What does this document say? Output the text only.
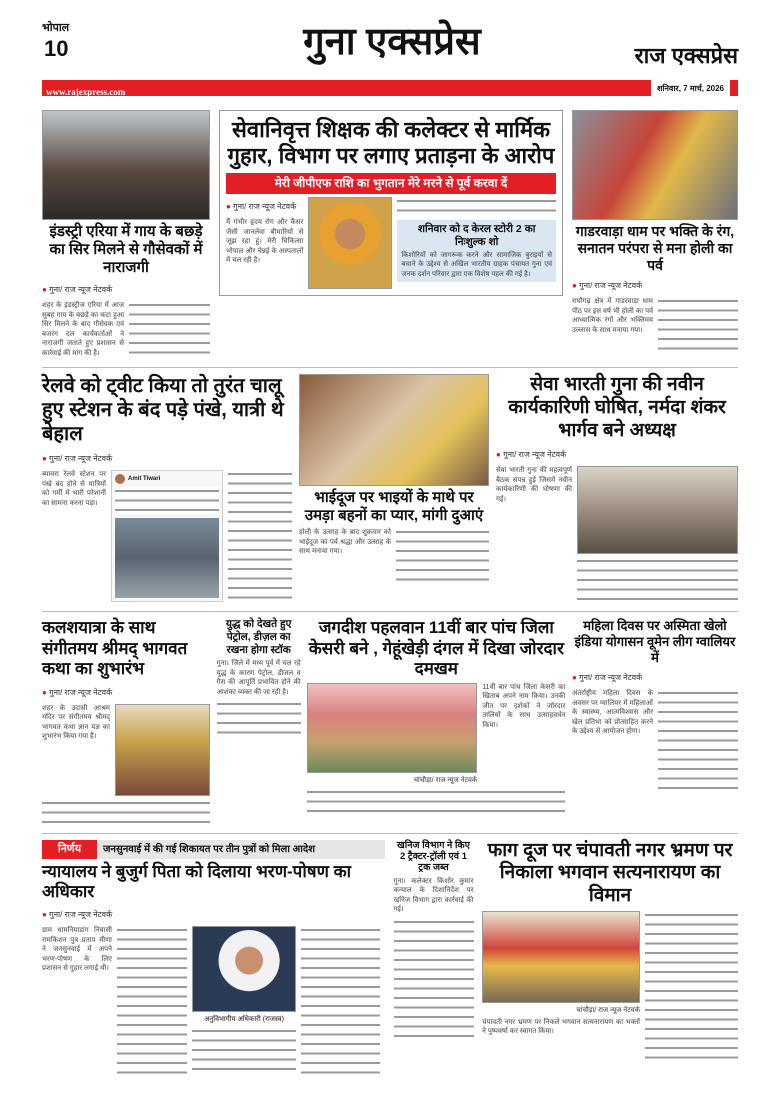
भोपाल
10	गुना एक्सप्रेस	राज एक्सप्रेस
www.rajexpress.com	शनिवार, 7 मार्च, 2026
इंडस्ट्री एरिया में गाय के बछड़े का सिर मिलने से गौसेवकों में नाराजगी
● गुना/ राज न्यूज नेटवर्क
शहर के इंडस्ट्रीज एरिया में आज सुबह गाय के बछड़े का कटा हुआ सिर मिलने के बाद गौसेवक एवं बजरंग दल कार्यकर्ताओं ने नाराजगी जताते हुए प्रशासन से कार्रवाई की मांग की है।
सेवानिवृत्त शिक्षक की कलेक्टर से मार्मिक गुहार, विभाग पर लगाए प्रताड़ना के आरोप
मेरी जीपीएफ राशि का भुगतान मेरे मरने से पूर्व करवा दें
● गुना/ राज न्यूज नेटवर्क
मैं गंभीर हृदय रोग और कैंसर जैसी जानलेवा बीमारियों से जूझ रहा हूं। मेरी चिकित्सा भोपाल और चेन्नई के अस्पतालों में चल रही है।
शनिवार को द केरल स्टोरी 2 का निःशुल्क शो
किशोरियों को जागरूक करने और सामाजिक बुराइयों से बचाने के उद्देश्य से अखिल भारतीय ग्राहक पंचायत गुना एवं जनक दर्शन परिवार द्वारा एक विशेष पहल की गई है।
गाडरवाड़ा धाम पर भक्ति के रंग, सनातन परंपरा से मना होली का पर्व
● गुना/ राज न्यूज नेटवर्क
राघौगढ़ क्षेत्र में गाडरवाड़ा धाम पीठ पर इस वर्ष भी होली का पर्व आध्यात्मिक रंगों और भक्तिमय उल्लास के साथ मनाया गया।
रेलवे को ट्वीट किया तो तुरंत चालू हुए स्टेशन के बंद पड़े पंखे, यात्री थे बेहाल
● गुना/ राज न्यूज नेटवर्क
ब्यावरा रेलवे स्टेशन पर पंखे बंद होने से यात्रियों को गर्मी में भारी परेशानी का सामना करना पड़ा।
Amit Tiwari
भाईदूज पर भाइयों के माथे पर उमड़ा बहनों का प्यार, मांगी दुआएं
होली के उत्साह के बाद शुक्रवार को भाईदूज का पर्व श्रद्धा और उत्साह के साथ मनाया गया।
सेवा भारती गुना की नवीन कार्यकारिणी घोषित, नर्मदा शंकर भार्गव बने अध्यक्ष
● गुना/ राज न्यूज नेटवर्क
सेवा भारती गुना की महत्वपूर्ण बैठक संपन्न हुई जिसमें नवीन कार्यकारिणी की घोषणा की गई।
कलशयात्रा के साथ संगीतमय श्रीमद् भागवत कथा का शुभारंभ
● गुना/ राज न्यूज नेटवर्क
शहर के उदासी आश्रम मंदिर पर संगीतमय श्रीमद् भागवत कथा ज्ञान यज्ञ का शुभारंभ किया गया है।
युद्ध को देखते हुए पेट्रोल, डीज़ल का रखना होगा स्टॉक
गुना। जिले में मध्य पूर्व में चल रहे युद्ध के कारण पेट्रोल, डीजल व गैस की आपूर्ति प्रभावित होने की आशंका व्यक्त की जा रही है।
जगदीश पहलवान 11वीं बार पांच जिला केसरी बने , गेहूंखेड़ी दंगल में दिखा जोरदार दमखम
चांचौड़ा/ राज न्यूज नेटवर्क
11वीं बार पांच जिला केसरी का खिताब अपने नाम किया। उनकी जीत पर दर्शकों ने जोरदार तालियों के साथ उत्साहवर्धन किया।
महिला दिवस पर अस्मिता खेलो इंडिया योगासन वूमेन लीग ग्वालियर में
● गुना/ राज न्यूज नेटवर्क
अंतर्राष्ट्रीय महिला दिवस के अवसर पर ग्वालियर में महिलाओं के स्वास्थ्य, आत्मविश्वास और खेल प्रतिभा को प्रोत्साहित करने के उद्देश्य से आयोजन होगा।
निर्णय	जनसुनवाई में की गई शिकायत पर तीन पुत्रों को मिला आदेश
न्यायालय ने बुजुर्ग पिता को दिलाया भरण-पोषण का अधिकार
● गुना/ राज न्यूज नेटवर्क
ग्राम धामनियाडांग निवासी रामकिशन पुत्र प्रताप मीणा ने जनसुनवाई में अपने भरण-पोषण के लिए प्रशासन से गुहार लगाई थी।
अनुविभागीय अधिकारी (राजस्व)
खनिज विभाग ने किए 2 ट्रैक्टर-ट्रॉली एवं 1 ट्रक जब्त
गुना। कलेक्टर किशोर कुमार कन्याल के दिशानिर्देश पर खनिज विभाग द्वारा कार्रवाई की गई।
फाग दूज पर चंपावती नगर भ्रमण पर निकाला भगवान सत्यनारायण का विमान
चांचौड़ा/ राज न्यूज नेटवर्क
चंपावती नगर भ्रमण पर निकले भगवान सत्यनारायण का भक्तों ने पुष्पवर्षा कर स्वागत किया।
